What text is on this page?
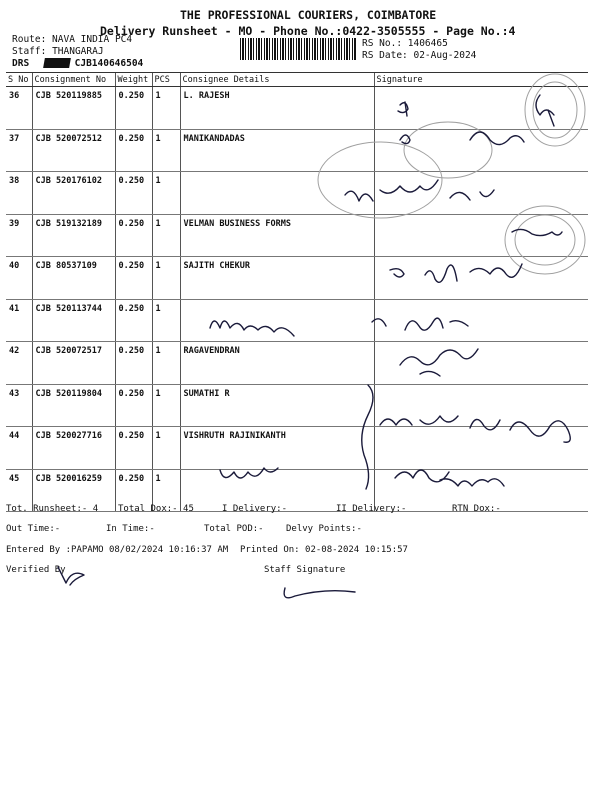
THE PROFESSIONAL COURIERS, COIMBATORE
Delivery Runsheet - MO - Phone No.:0422-3505555 - Page No.:4
Route: NAVA INDIA PC4
Staff: THANGARAJ
DRS	CJB140646504
RS No.: 1406465
RS Date: 02-Aug-2024
S No	Consignment No	Weight	PCS	Consignee Details	Signature
36	CJB 520119885	0.250	1	L. RAJESH	
37	CJB 520072512	0.250	1	MANIKANDADAS	
38	CJB 520176102	0.250	1		
39	CJB 519132189	0.250	1	VELMAN BUSINESS FORMS	
40	CJB 80537109	0.250	1	SAJITH CHEKUR	
41	CJB 520113744	0.250	1		
42	CJB 520072517	0.250	1	RAGAVENDRAN	
43	CJB 520119804	0.250	1	SUMATHI R	
44	CJB 520027716	0.250	1	VISHRUTH RAJINIKANTH	
45	CJB 520016259	0.250	1		
Tot. Runsheet:- 4 Total Dox:- 45	I Delivery:-	II Delivery:-	RTN Dox:-
Out Time:-	In Time:-	Total POD:- Delvy Points:-
Entered By :PAPAMO 08/02/2024 10:16:37 AM Printed On: 02-08-2024 10:15:57
Verified By	Staff Signature
